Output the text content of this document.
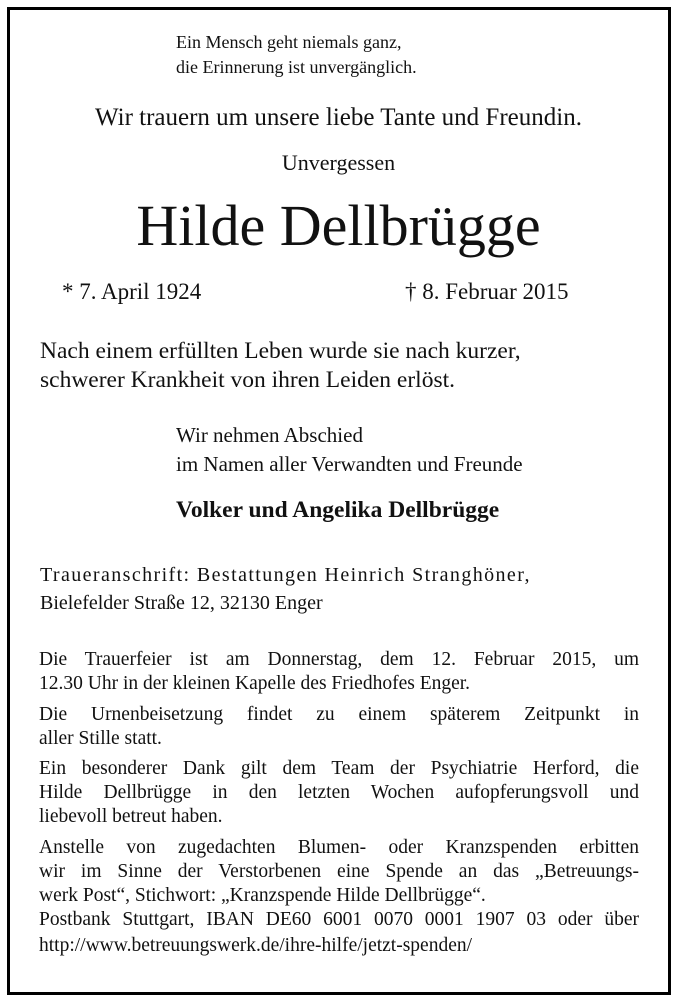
Ein Mensch geht niemals ganz,
die Erinnerung ist unvergänglich.
Wir trauern um unsere liebe Tante und Freundin.
Unvergessen
Hilde Dellbrügge
* 7. April 1924	† 8. Februar 2015
Nach einem erfüllten Leben wurde sie nach kurzer,
schwerer Krankheit von ihren Leiden erlöst.
Wir nehmen Abschied
im Namen aller Verwandten und Freunde
Volker und Angelika Dellbrügge
Traueranschrift: Bestattungen Heinrich Stranghöner,
Bielefelder Straße 12, 32130 Enger
Die Trauerfeier ist am Donnerstag, dem 12. Februar 2015, um
12.30 Uhr in der kleinen Kapelle des Friedhofes Enger.
Die Urnenbeisetzung findet zu einem späterem Zeitpunkt in
aller Stille statt.
Ein besonderer Dank gilt dem Team der Psychiatrie Herford, die
Hilde Dellbrügge in den letzten Wochen aufopferungsvoll und
liebevoll betreut haben.
Anstelle von zugedachten Blumen- oder Kranzspenden erbitten
wir im Sinne der Verstorbenen eine Spende an das „Betreuungs-
werk Post“, Stichwort: „Kranzspende Hilde Dellbrügge“.
Postbank Stuttgart, IBAN DE60 6001 0070 0001 1907 03 oder über
http://www.betreuungswerk.de/ihre-hilfe/jetzt-spenden/
